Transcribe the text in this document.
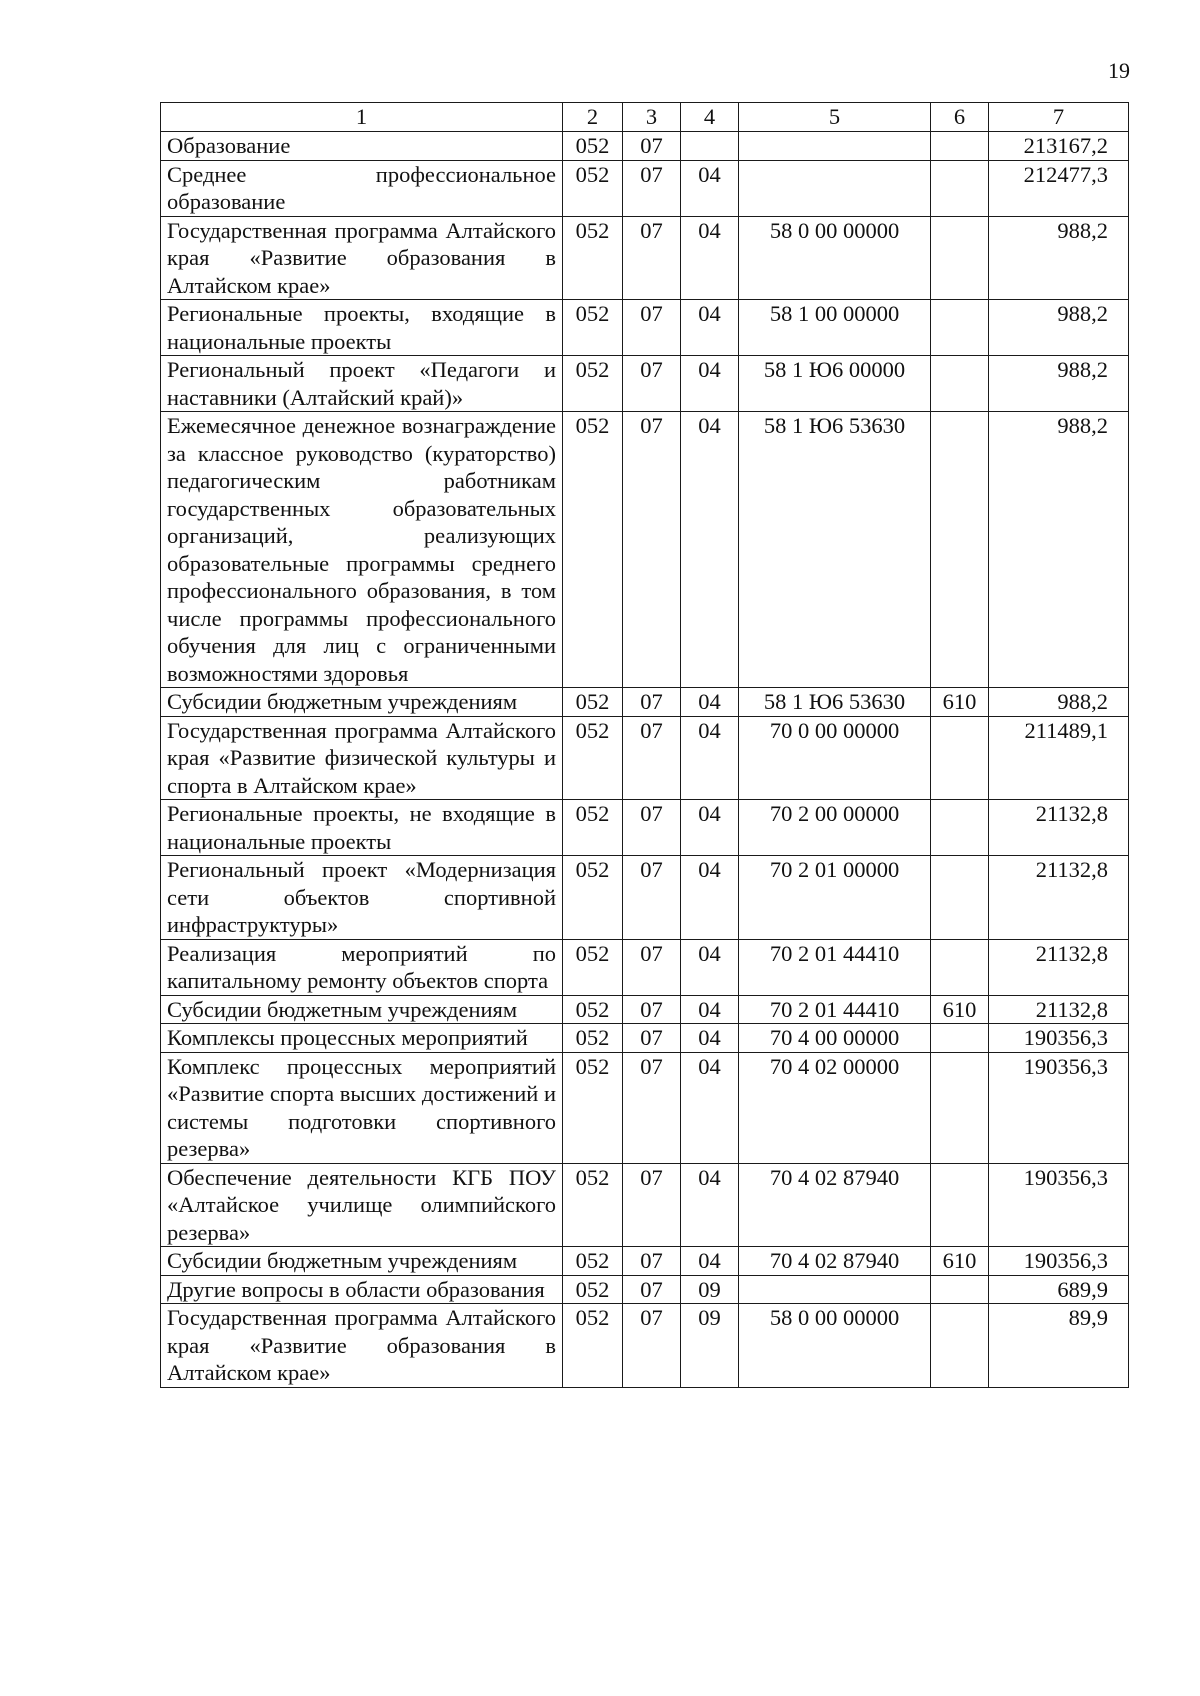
19
1	2	3	4	5	6	7
Образование	052	07				213167,2
Среднее профессиональное образование	052	07	04			212477,3
Государственная программа Алтайского края «Развитие образования в Алтайском крае»	052	07	04	58 0 00 00000		988,2
Региональные проекты, входящие в национальные проекты	052	07	04	58 1 00 00000		988,2
Региональный проект «Педагоги и наставники (Алтайский край)»	052	07	04	58 1 Ю6 00000		988,2
Ежемесячное денежное вознаграждение за классное руководство (кураторство) педагогическим работникам государственных образовательных организаций, реализующих образовательные программы среднего профессионального образования, в том числе программы профессионального обучения для лиц с ограниченными возможностями здоровья	052	07	04	58 1 Ю6 53630		988,2
Субсидии бюджетным учреждениям	052	07	04	58 1 Ю6 53630	610	988,2
Государственная программа Алтайского края «Развитие физической культуры и спорта в Алтайском крае»	052	07	04	70 0 00 00000		211489,1
Региональные проекты, не входящие в национальные проекты	052	07	04	70 2 00 00000		21132,8
Региональный проект «Модернизация сети объектов спортивной инфраструктуры»	052	07	04	70 2 01 00000		21132,8
Реализация мероприятий по капитальному ремонту объектов спорта	052	07	04	70 2 01 44410		21132,8
Субсидии бюджетным учреждениям	052	07	04	70 2 01 44410	610	21132,8
Комплексы процессных мероприятий	052	07	04	70 4 00 00000		190356,3
Комплекс процессных мероприятий «Развитие спорта высших достижений и системы подготовки спортивного резерва»	052	07	04	70 4 02 00000		190356,3
Обеспечение деятельности КГБ ПОУ «Алтайское училище олимпийского резерва»	052	07	04	70 4 02 87940		190356,3
Субсидии бюджетным учреждениям	052	07	04	70 4 02 87940	610	190356,3
Другие вопросы в области образования	052	07	09			689,9
Государственная программа Алтайского края «Развитие образования в Алтайском крае»	052	07	09	58 0 00 00000		89,9
